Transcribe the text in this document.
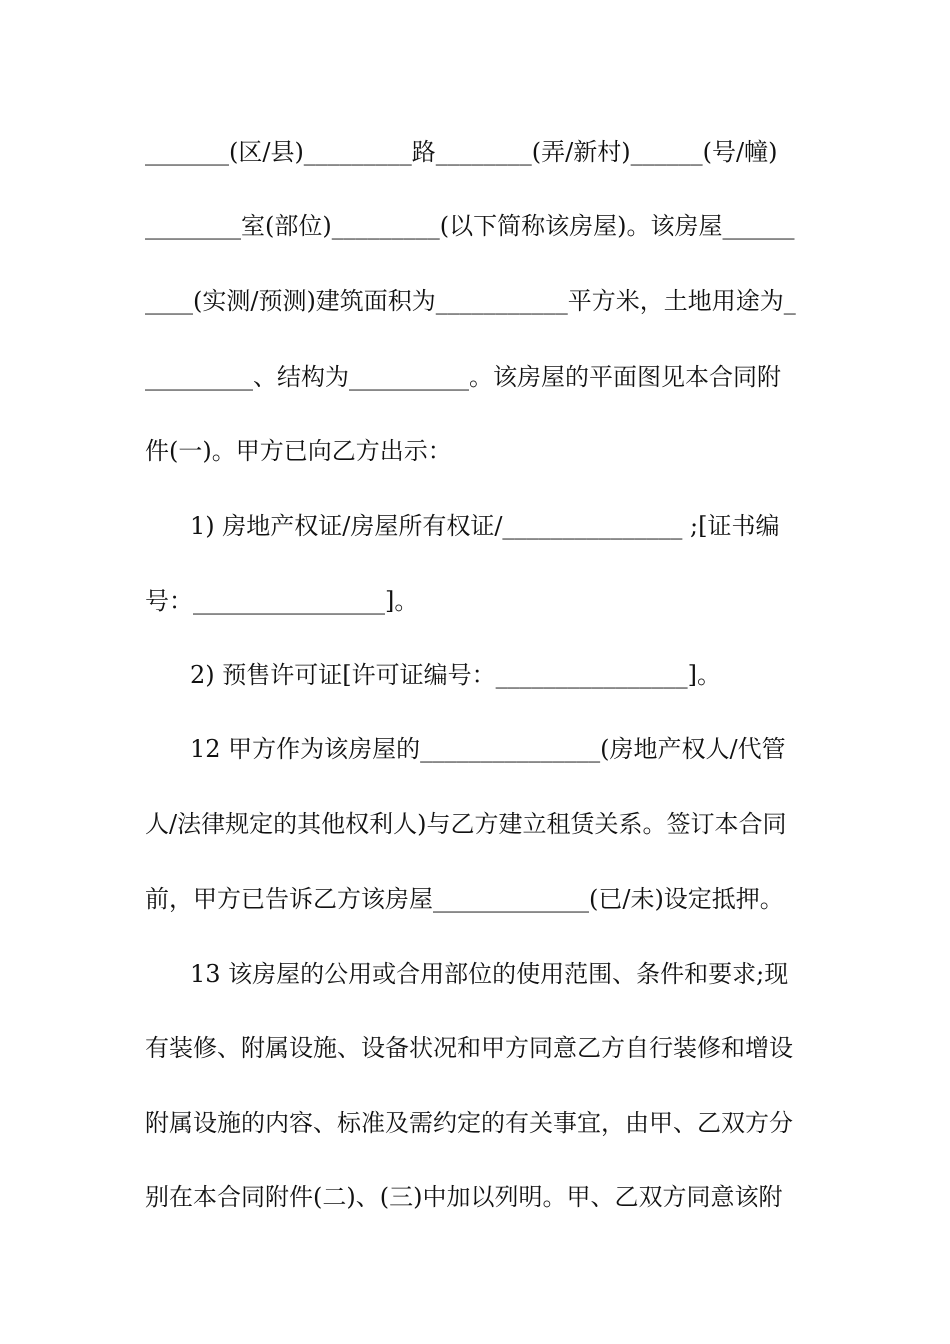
_______(区/县)_________路________(弄/新村)______(号/幢)
________室(部位)_________(以下简称该房屋)。该房屋______
____(实测/预测)建筑面积为___________平方米，土地用途为_
_________、结构为__________。该房屋的平面图见本合同附
件(一)。甲方已向乙方出示：
1) 房地产权证/房屋所有权证/_______________ ;[证书编
号：________________]。
2) 预售许可证[许可证编号：________________]。
12 甲方作为该房屋的_______________(房地产权人/代管
人/法律规定的其他权利人)与乙方建立租赁关系。签订本合同
前，甲方已告诉乙方该房屋_____________(已/未)设定抵押。
13 该房屋的公用或合用部位的使用范围、条件和要求;现
有装修、附属设施、设备状况和甲方同意乙方自行装修和增设
附属设施的内容、标准及需约定的有关事宜，由甲、乙双方分
别在本合同附件(二)、(三)中加以列明。甲、乙双方同意该附
